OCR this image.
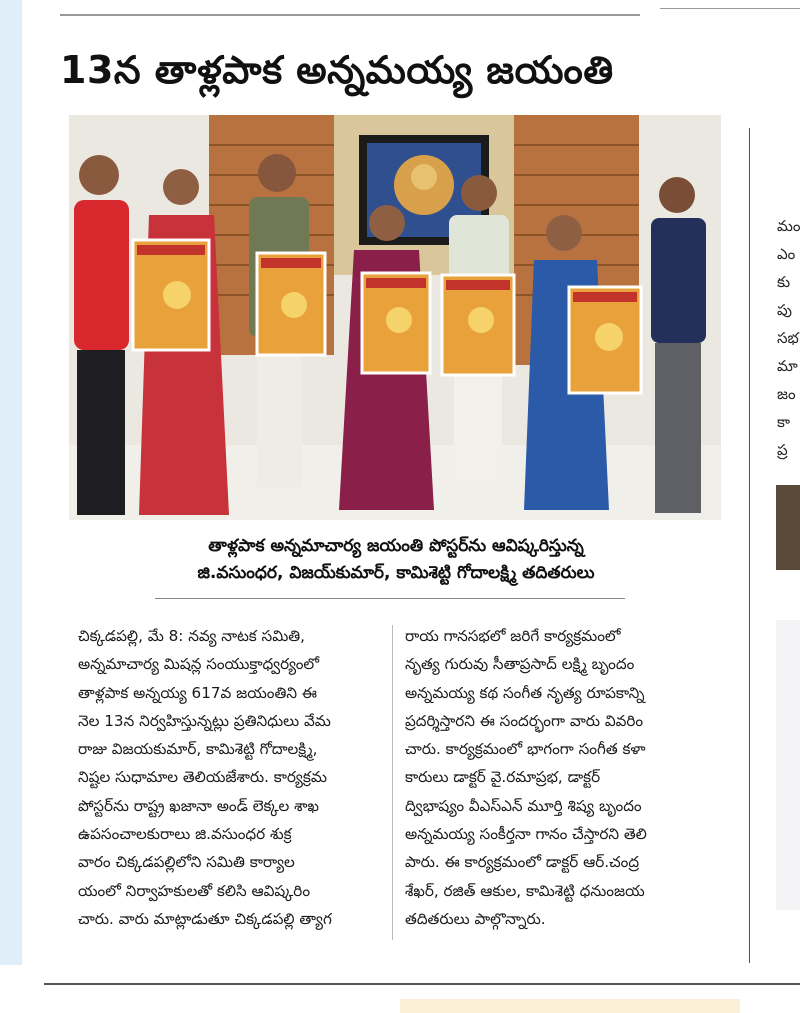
13న తాళ్లపాక అన్నమయ్య జయంతి
తాళ్లపాక అన్నమాచార్య జయంతి పోస్టర్‌ను ఆవిష్కరిస్తున్న
జి.వసుంధర, విజయ్‌కుమార్, కామిశెట్టి గోదాలక్ష్మి తదితరులు
చిక్కడపల్లి, మే 8: నవ్య నాటక సమితి,
అన్నమాచార్య మిషన్ల సంయుక్తాధ్వర్యంలో
తాళ్లపాక అన్నయ్య 617వ జయంతిని ఈ
నెల 13న నిర్వహిస్తున్నట్లు ప్రతినిధులు వేమ
రాజు విజయకుమార్, కామిశెట్టి గోదాలక్ష్మి,
నిష్టల సుధామాల తెలియజేశారు. కార్యక్రమ
పోస్టర్‌ను రాష్ట్ర ఖజానా అండ్ లెక్కల శాఖ
ఉపసంచాలకురాలు జి.వసుంధర శుక్ర
వారం చిక్కడపల్లిలోని సమితి కార్యాల
యంలో నిర్వాహకులతో కలిసి ఆవిష్కరిం
చారు. వారు మాట్లాడుతూ చిక్కడపల్లి త్యాగ
రాయ గానసభలో జరిగే కార్యక్రమంలో
నృత్య గురువు సీతాప్రసాద్ లక్ష్మి బృందం
అన్నమయ్య కథ సంగీత నృత్య రూపకాన్ని
ప్రదర్శిస్తారని ఈ సందర్భంగా వారు వివరిం
చారు. కార్యక్రమంలో భాగంగా సంగీత కళా
కారులు డాక్టర్ వై.రమాప్రభ, డాక్టర్
ద్విభాష్యం వీఎస్ఎన్ మూర్తి శిష్య బృందం
అన్నమయ్య సంకీర్తనా గానం చేస్తారని తెలి
పారు. ఈ కార్యక్రమంలో డాక్టర్ ఆర్.చంద్ర
శేఖర్, రజిత్ ఆకుల, కామిశెట్టి ధనుంజయ
తదితరులు పాల్గొన్నారు.
మం
ఎం
కు
పు
సభ
మా
జం
కా
ప్ర
